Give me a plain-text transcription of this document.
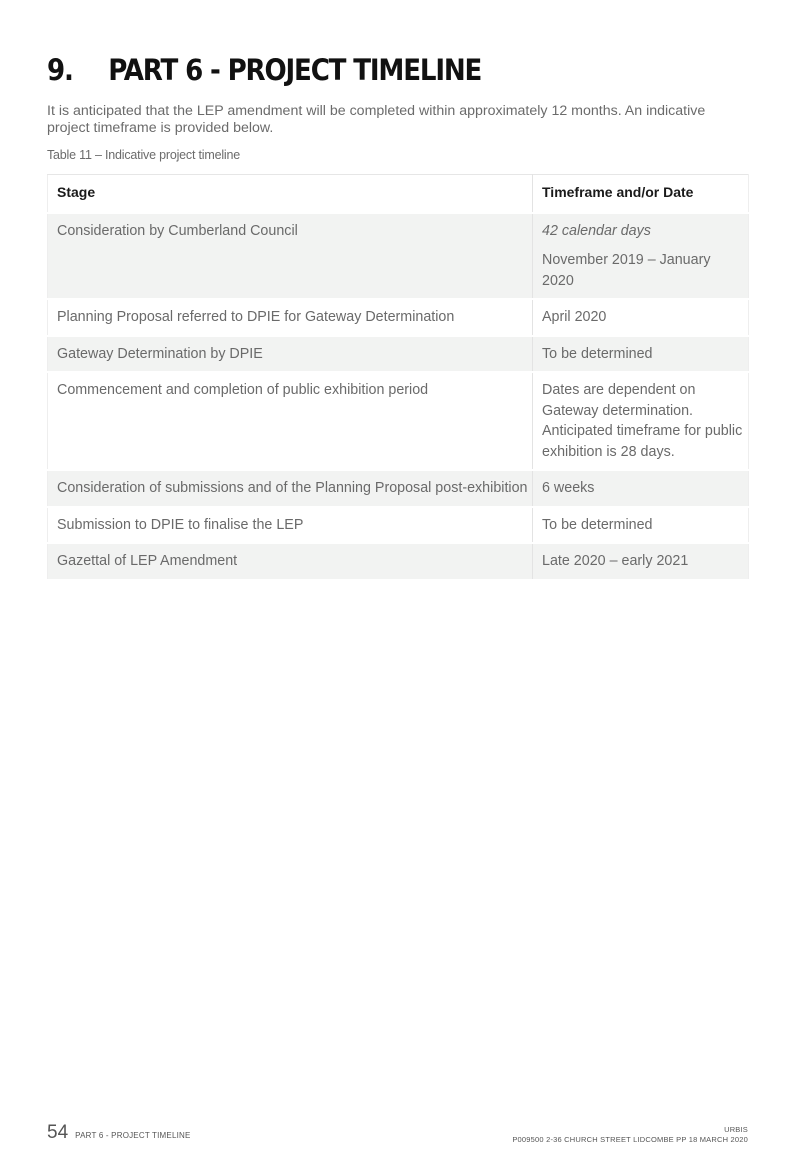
9.	PART 6 - PROJECT TIMELINE

It is anticipated that the LEP amendment will be completed within approximately 12 months. An indicative project timeframe is provided below.

Table 11 – Indicative project timeline

Stage	Timeframe and/or Date
Consideration by Cumberland Council	42 calendar days
November 2019 – January 2020

Planning Proposal referred to DPIE for Gateway Determination	April 2020
Gateway Determination by DPIE	To be determined
Commencement and completion of public exhibition period	Dates are dependent on Gateway determination. Anticipated timeframe for public exhibition is 28 days.
Consideration of submissions and of the Planning Proposal post-exhibition	6 weeks
Submission to DPIE to finalise the LEP	To be determined
Gazettal of LEP Amendment	Late 2020 – early 2021
54 PART 6 - PROJECT TIMELINE
URBIS
P009500 2-36 CHURCH STREET LIDCOMBE PP 18 MARCH 2020
